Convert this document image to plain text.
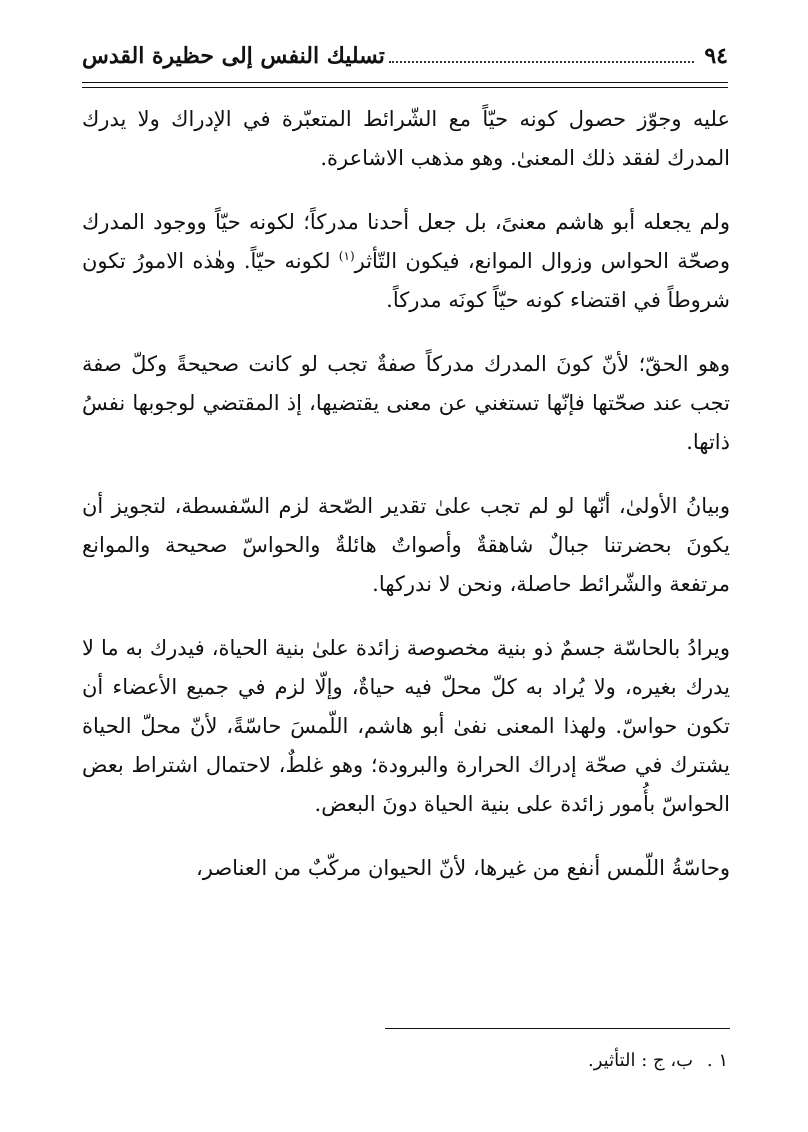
٩٤
تسليك النفس إلى حظيرة القدس

عليه وجوّز حصول كونه حيّاً مع الشّرائط المتعبّرة في الإدراك ولا يدرك المدرك لفقد ذلك المعنىٰ. وهو مذهب الاشاعرة.

ولم يجعله أبو هاشم معنىً، بل جعل أحدنا مدركاً؛ لكونه حيّاً ووجود المدرك وصحّة الحواس وزوال الموانع، فيكون التّأثر$^{(١)}$ لكونه حيّاً. وهٰذه الامورُ تكون شروطاً في اقتضاء كونه حيّاً كونَه مدركاً.

وهو الحقّ؛ لأنّ كونَ المدرك مدركاً صفةٌ تجب لو كانت صحيحةً وكلّ صفة تجب عند صحّتها فإنّها تستغني عن معنى يقتضيها، إذ المقتضي لوجوبها نفسُ ذاتها.

وبيانُ الأولىٰ، أنّها لو لم تجب علىٰ تقدير الصّحة لزم السّفسطة، لتجويز أن يكونَ بحضرتنا جبالٌ شاهقةٌ وأصواتٌ هائلةٌ والحواسّ صحيحة والموانع مرتفعة والشّرائط حاصلة، ونحن لا ندركها.

ويرادُ بالحاسّة جسمٌ ذو بنية مخصوصة زائدة علىٰ بنية الحياة، فيدرك به ما لا يدرك بغيره، ولا يُراد به كلّ محلّ فيه حياةٌ، وإلّا لزم في جميع الأعضاء أن تكون حواسّ. ولهذا المعنى نفىٰ أبو هاشم، اللّمسَ حاسّةً، لأنّ محلّ الحياة يشترك في صحّة إدراك الحرارة والبرودة؛ وهو غلطٌ، لاحتمال اشتراط بعض الحواسّ بأُمور زائدة على بنية الحياة دونَ البعض.

وحاسّةُ اللّمس أنفع من غيرها، لأنّ الحيوان مركّبٌ من العناصر،

١ . ب، ج : التأثير.
